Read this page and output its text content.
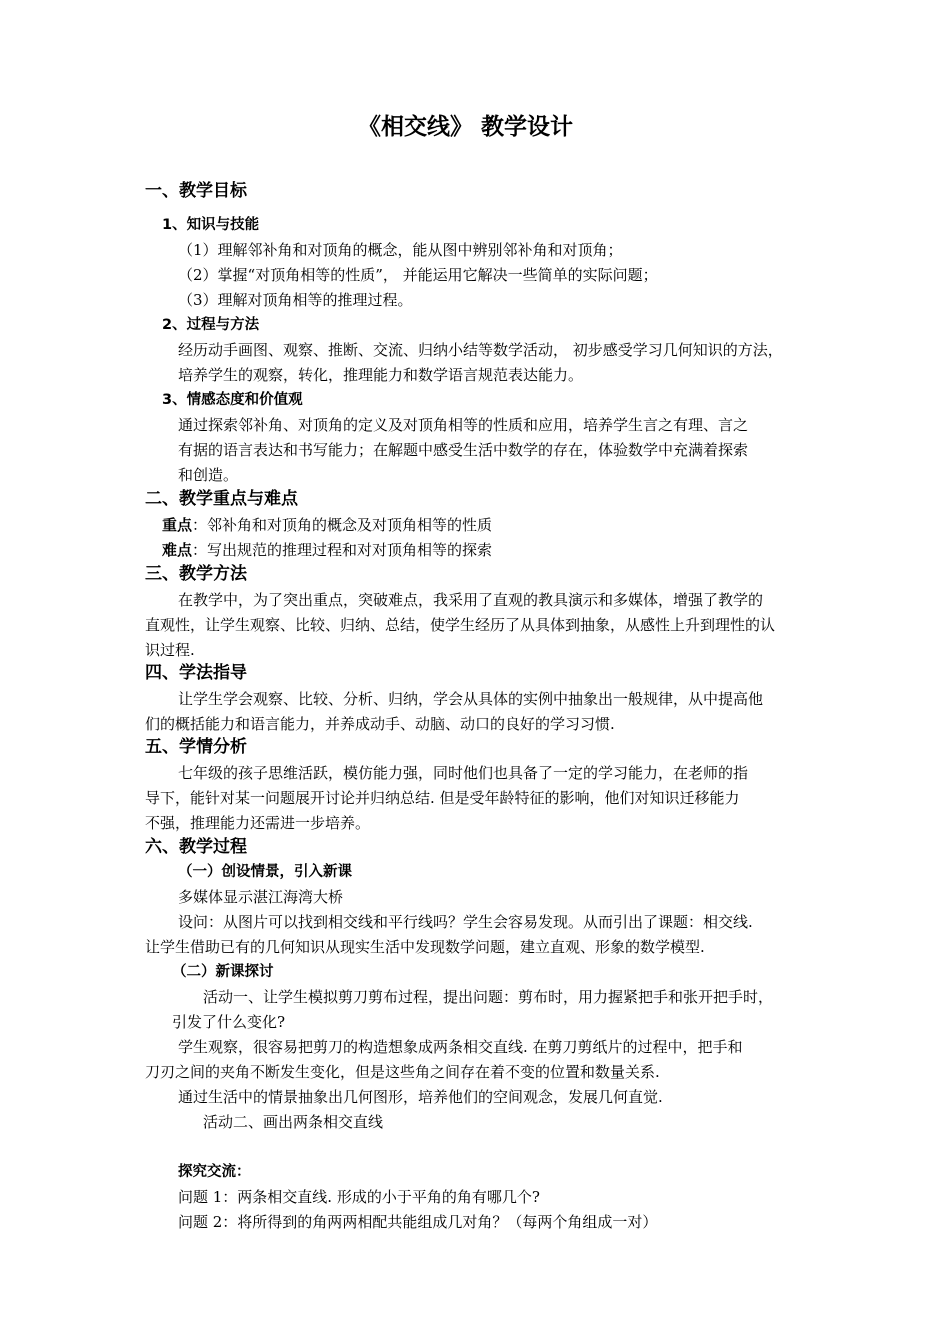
《相交线》 教学设计
一、教学目标
1、知识与技能
（1）理解邻补角和对顶角的概念，能从图中辨别邻补角和对顶角；
（2）掌握“对顶角相等的性质”， 并能运用它解决一些简单的实际问题；
（3）理解对顶角相等的推理过程。
2、过程与方法
经历动手画图、观察、推断、交流、归纳小结等数学活动， 初步感受学习几何知识的方法，
培养学生的观察，转化，推理能力和数学语言规范表达能力。
3、情感态度和价值观
通过探索邻补角、对顶角的定义及对顶角相等的性质和应用，培养学生言之有理、言之
有据的语言表达和书写能力；在解题中感受生活中数学的存在，体验数学中充满着探索
和创造。
二、教学重点与难点
重点：邻补角和对顶角的概念及对顶角相等的性质
难点：写出规范的推理过程和对对顶角相等的探索
三、教学方法
在教学中，为了突出重点，突破难点，我采用了直观的教具演示和多媒体，增强了教学的
直观性，让学生观察、比较、归纳、总结，使学生经历了从具体到抽象，从感性上升到理性的认
识过程.
四、学法指导
让学生学会观察、比较、分析、归纳，学会从具体的实例中抽象出一般规律，从中提高他
们的概括能力和语言能力，并养成动手、动脑、动口的良好的学习习惯.
五、学情分析
七年级的孩子思维活跃，模仿能力强，同时他们也具备了一定的学习能力，在老师的指
导下，能针对某一问题展开讨论并归纳总结. 但是受年龄特征的影响，他们对知识迁移能力
不强，推理能力还需进一步培养。
六、教学过程
（一）创设情景，引入新课
多媒体显示湛江海湾大桥
设问：从图片可以找到相交线和平行线吗？学生会容易发现。从而引出了课题：相交线.
让学生借助已有的几何知识从现实生活中发现数学问题，建立直观、形象的数学模型.
（二）新课探讨
活动一、让学生模拟剪刀剪布过程，提出问题：剪布时，用力握紧把手和张开把手时，
引发了什么变化?
学生观察，很容易把剪刀的构造想象成两条相交直线. 在剪刀剪纸片的过程中，把手和
刀刃之间的夹角不断发生变化，但是这些角之间存在着不变的位置和数量关系.
通过生活中的情景抽象出几何图形，培养他们的空间观念，发展几何直觉.
活动二、画出两条相交直线
探究交流：
问题 1：两条相交直线. 形成的小于平角的角有哪几个?
问题 2：将所得到的角两两相配共能组成几对角？（每两个角组成一对）
